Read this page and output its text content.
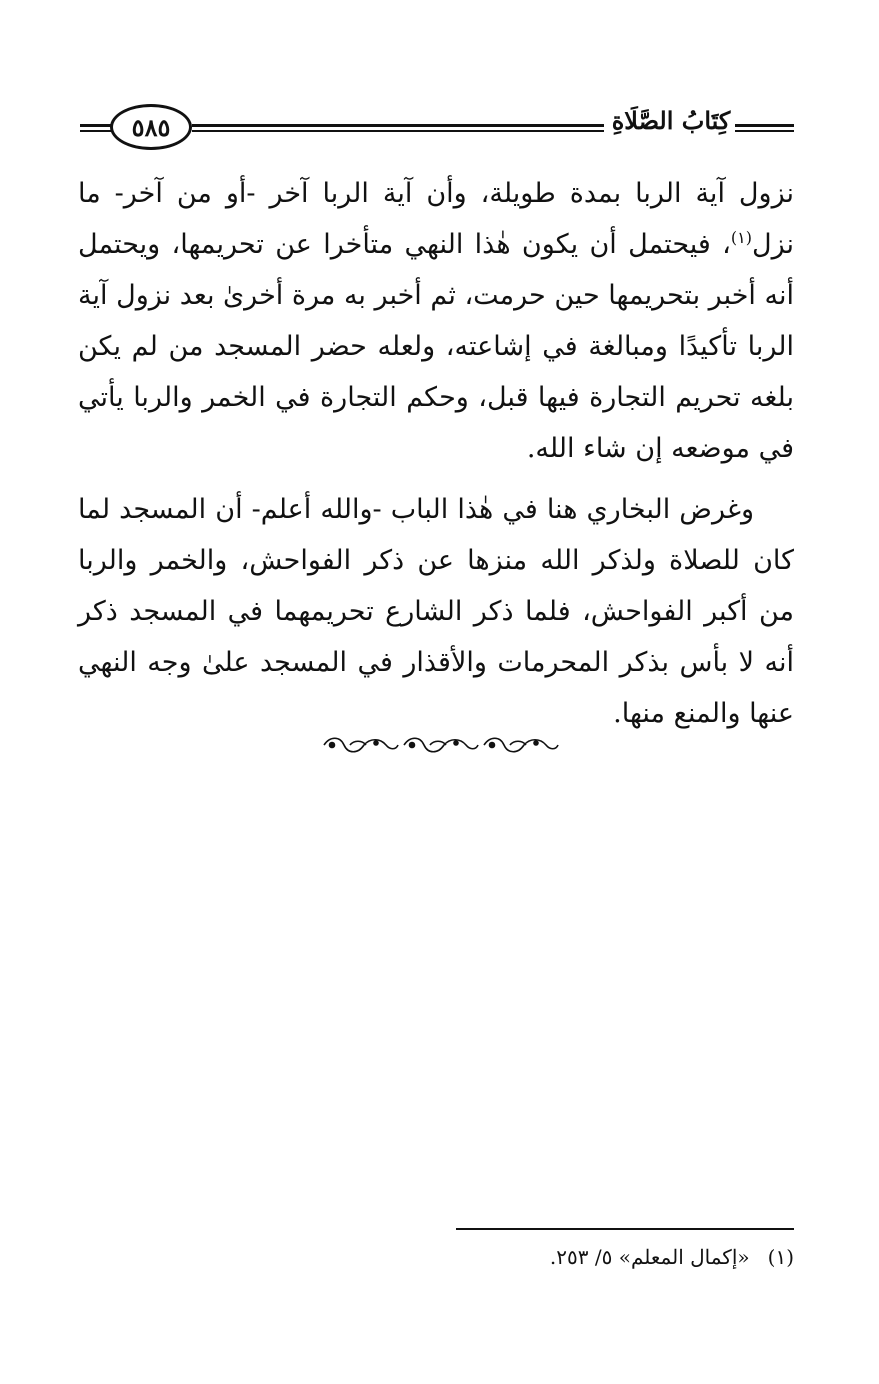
٥٨٥	كِتَابُ الصَّلَاةِ

نزول آية الربا بمدة طويلة، وأن آية الربا آخر -أو من آخر- ما نزل$^{(١)}$، فيحتمل أن يكون هٰذا النهي متأخرا عن تحريمها، ويحتمل أنه أخبر بتحريمها حين حرمت، ثم أخبر به مرة أخرىٰ بعد نزول آية الربا تأكيدًا ومبالغة في إشاعته، ولعله حضر المسجد من لم يكن بلغه تحريم التجارة فيها قبل، وحكم التجارة في الخمر والربا يأتي في موضعه إن شاء الله.

وغرض البخاري هنا في هٰذا الباب -والله أعلم- أن المسجد لما كان للصلاة ولذكر الله منزها عن ذكر الفواحش، والخمر والربا من أكبر الفواحش، فلما ذكر الشارع تحريمهما في المسجد ذكر أنه لا بأس بذكر المحرمات والأقذار في المسجد علىٰ وجه النهي عنها والمنع منها.

(١)«إكمال المعلم» ٥/ ٢٥٣.
